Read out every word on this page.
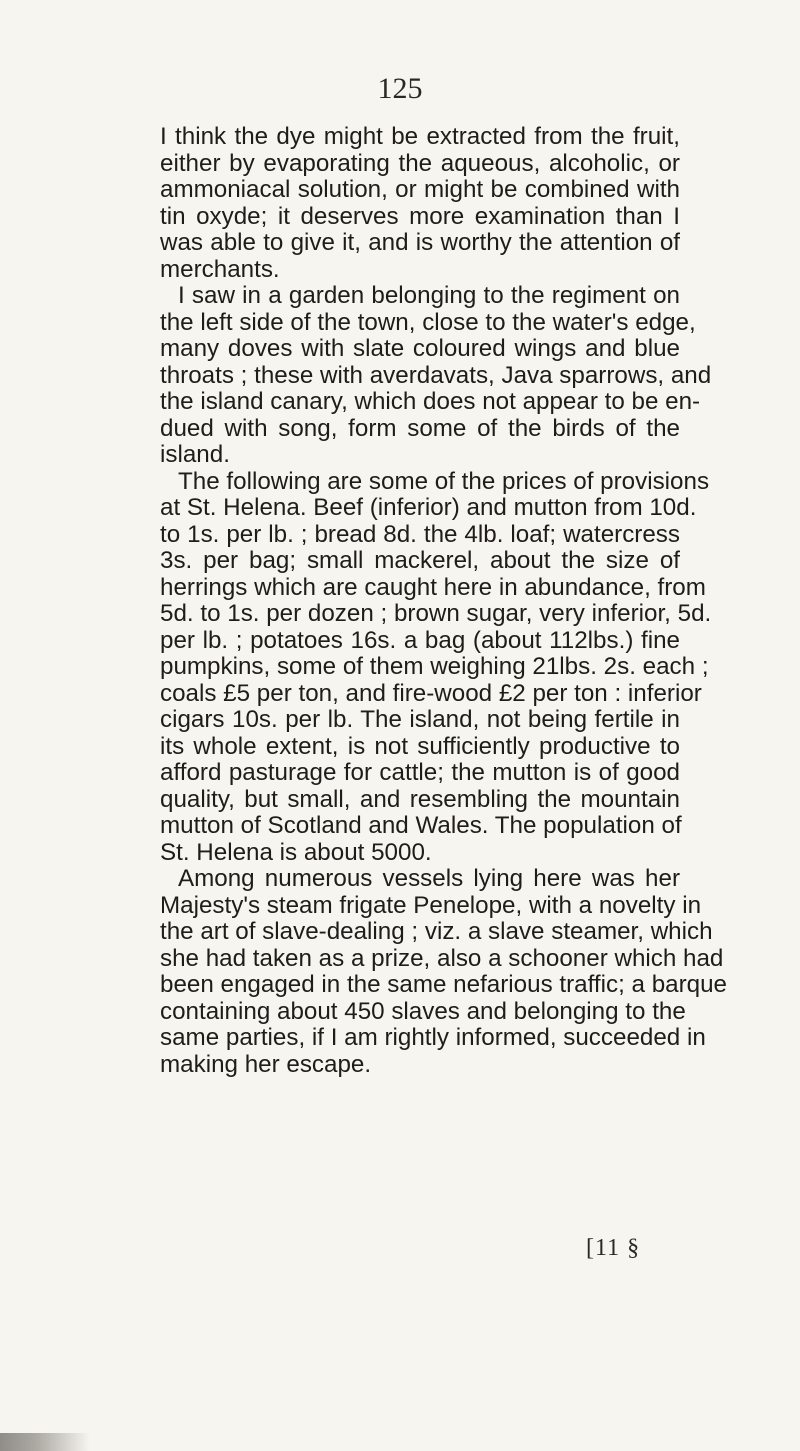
125
I think the dye might be extracted from the fruit,
either by evaporating the aqueous, alcoholic, or
ammoniacal solution, or might be combined with
tin oxyde; it deserves more examination than I
was able to give it, and is worthy the attention of
merchants.
I saw in a garden belonging to the regiment on
the left side of the town, close to the water's edge,
many doves with slate coloured wings and blue
throats ; these with averdavats, Java sparrows, and
the island canary, which does not appear to be en-
dued with song, form some of the birds of the
island.
The following are some of the prices of provisions
at St. Helena. Beef (inferior) and mutton from 10d.
to 1s. per lb. ; bread 8d. the 4lb. loaf; watercress
3s. per bag; small mackerel, about the size of
herrings which are caught here in abundance, from
5d. to 1s. per dozen ; brown sugar, very inferior, 5d.
per lb. ; potatoes 16s. a bag (about 112lbs.) fine
pumpkins, some of them weighing 21lbs. 2s. each ;
coals £5 per ton, and fire-wood £2 per ton : inferior
cigars 10s. per lb. The island, not being fertile in
its whole extent, is not sufficiently productive to
afford pasturage for cattle; the mutton is of good
quality, but small, and resembling the mountain
mutton of Scotland and Wales. The population of
St. Helena is about 5000.
Among numerous vessels lying here was her
Majesty's steam frigate Penelope, with a novelty in
the art of slave-dealing ; viz. a slave steamer, which
she had taken as a prize, also a schooner which had
been engaged in the same nefarious traffic; a barque
containing about 450 slaves and belonging to the
same parties, if I am rightly informed, succeeded in
making her escape.
[11 §
